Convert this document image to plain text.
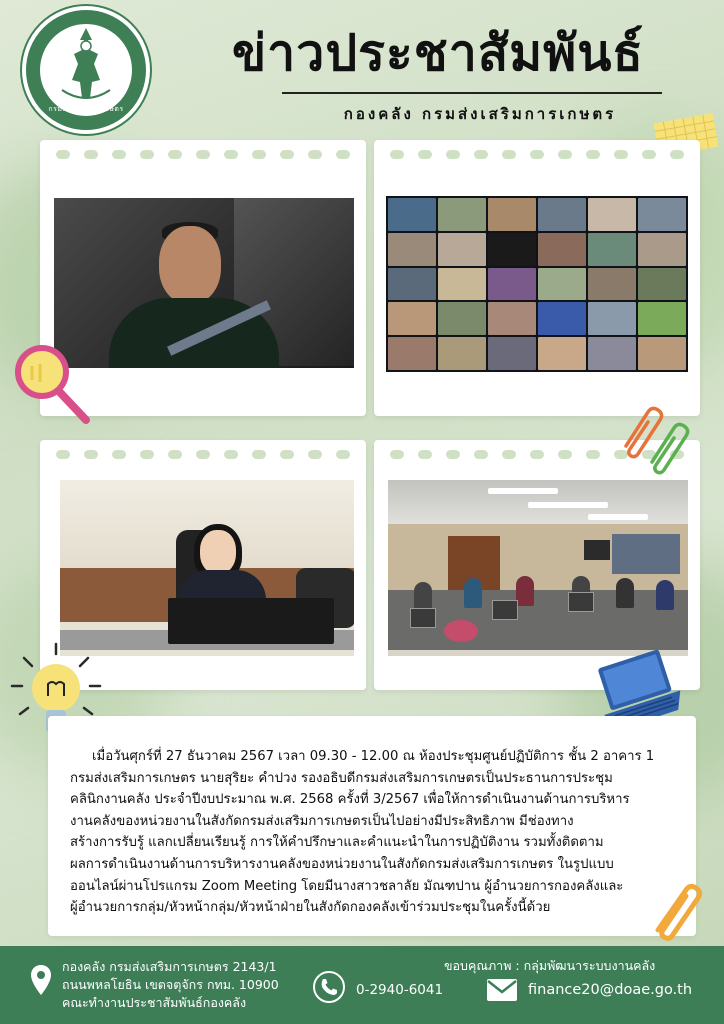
กรมส่งเสริมการเกษตร
ข่าวประชาสัมพันธ์
กองคลัง กรมส่งเสริมการเกษตร

เมื่อวันศุกร์ที่ 27 ธันวาคม 2567 เวลา 09.30 - 12.00 ณ ห้องประชุมศูนย์ปฏิบัติการ ชั้น 2 อาคาร 1
กรมส่งเสริมการเกษตร นายสุริยะ คำปวง รองอธิบดีกรมส่งเสริมการเกษตรเป็นประธานการประชุม
คลินิกงานคลัง ประจำปีงบประมาณ พ.ศ. 2568 ครั้งที่ 3/2567 เพื่อให้การดำเนินงานด้านการบริหาร
งานคลังของหน่วยงานในสังกัดกรมส่งเสริมการเกษตรเป็นไปอย่างมีประสิทธิภาพ มีช่องทาง
สร้างการรับรู้ แลกเปลี่ยนเรียนรู้ การให้คำปรึกษาและคำแนะนำในการปฏิบัติงาน รวมทั้งติดตาม
ผลการดำเนินงานด้านการบริหารงานคลังของหน่วยงานในสังกัดกรมส่งเสริมการเกษตร ในรูปแบบ
ออนไลน์ผ่านโปรแกรม Zoom Meeting โดยมีนางสาวชลาลัย มัณฑปาน ผู้อำนวยการกองคลังและ
ผู้อำนวยการกลุ่ม/หัวหน้ากลุ่ม/หัวหน้าฝ่ายในสังกัดกองคลังเข้าร่วมประชุมในครั้งนี้ด้วย

กองคลัง กรมส่งเสริมการเกษตร 2143/1
ถนนพหลโยธิน เขตจตุจักร กทม. 10900
คณะทำงานประชาสัมพันธ์กองคลัง
0-2940-6041
ขอบคุณภาพ : กลุ่มพัฒนาระบบงานคลัง
finance20@doae.go.th
